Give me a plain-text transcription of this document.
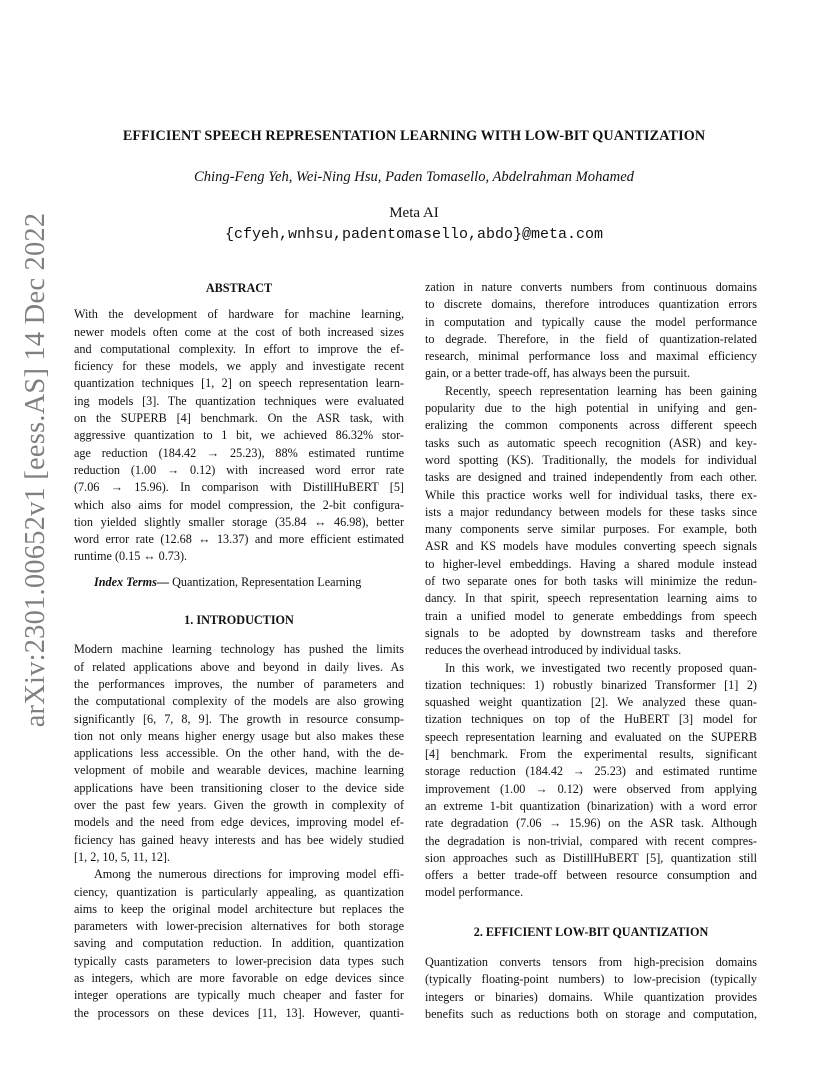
arXiv:2301.00652v1 [eess.AS] 14 Dec 2022
EFFICIENT SPEECH REPRESENTATION LEARNING WITH LOW-BIT QUANTIZATION
Ching-Feng Yeh, Wei-Ning Hsu, Paden Tomasello, Abdelrahman Mohamed
Meta AI
{cfyeh,wnhsu,padentomasello,abdo}@meta.com
ABSTRACT
With the development of hardware for machine learning,
newer models often come at the cost of both increased sizes
and computational complexity. In effort to improve the ef-
ficiency for these models, we apply and investigate recent
quantization techniques [1, 2] on speech representation learn-
ing models [3]. The quantization techniques were evaluated
on the SUPERB [4] benchmark. On the ASR task, with
aggressive quantization to 1 bit, we achieved 86.32% stor-
age reduction (184.42 → 25.23), 88% estimated runtime
reduction (1.00 → 0.12) with increased word error rate
(7.06 → 15.96). In comparison with DistillHuBERT [5]
which also aims for model compression, the 2-bit configura-
tion yielded slightly smaller storage (35.84 ↔ 46.98), better
word error rate (12.68 ↔ 13.37) and more efficient estimated
runtime (0.15 ↔ 0.73).
Index Terms— Quantization, Representation Learning
1. INTRODUCTION
Modern machine learning technology has pushed the limits
of related applications above and beyond in daily lives. As
the performances improves, the number of parameters and
the computational complexity of the models are also growing
significantly [6, 7, 8, 9]. The growth in resource consump-
tion not only means higher energy usage but also makes these
applications less accessible. On the other hand, with the de-
velopment of mobile and wearable devices, machine learning
applications have been transitioning closer to the device side
over the past few years. Given the growth in complexity of
models and the need from edge devices, improving model ef-
ficiency has gained heavy interests and has bee widely studied
[1, 2, 10, 5, 11, 12].
Among the numerous directions for improving model effi-
ciency, quantization is particularly appealing, as quantization
aims to keep the original model architecture but replaces the
parameters with lower-precision alternatives for both storage
saving and computation reduction. In addition, quantization
typically casts parameters to lower-precision data types such
as integers, which are more favorable on edge devices since
integer operations are typically much cheaper and faster for
the processors on these devices [11, 13]. However, quanti-
zation in nature converts numbers from continuous domains
to discrete domains, therefore introduces quantization errors
in computation and typically cause the model performance
to degrade. Therefore, in the field of quantization-related
research, minimal performance loss and maximal efficiency
gain, or a better trade-off, has always been the pursuit.
Recently, speech representation learning has been gaining
popularity due to the high potential in unifying and gen-
eralizing the common components across different speech
tasks such as automatic speech recognition (ASR) and key-
word spotting (KS). Traditionally, the models for individual
tasks are designed and trained independently from each other.
While this practice works well for individual tasks, there ex-
ists a major redundancy between models for these tasks since
many components serve similar purposes. For example, both
ASR and KS models have modules converting speech signals
to higher-level embeddings. Having a shared module instead
of two separate ones for both tasks will minimize the redun-
dancy. In that spirit, speech representation learning aims to
train a unified model to generate embeddings from speech
signals to be adopted by downstream tasks and therefore
reduces the overhead introduced by individual tasks.
In this work, we investigated two recently proposed quan-
tization techniques: 1) robustly binarized Transformer [1] 2)
squashed weight quantization [2]. We analyzed these quan-
tization techniques on top of the HuBERT [3] model for
speech representation learning and evaluated on the SUPERB
[4] benchmark. From the experimental results, significant
storage reduction (184.42 → 25.23) and estimated runtime
improvement (1.00 → 0.12) were observed from applying
an extreme 1-bit quantization (binarization) with a word error
rate degradation (7.06 → 15.96) on the ASR task. Although
the degradation is non-trivial, compared with recent compres-
sion approaches such as DistillHuBERT [5], quantization still
offers a better trade-off between resource consumption and
model performance.
2. EFFICIENT LOW-BIT QUANTIZATION
Quantization converts tensors from high-precision domains
(typically floating-point numbers) to low-precision (typically
integers or binaries) domains. While quantization provides
benefits such as reductions both on storage and computation,
